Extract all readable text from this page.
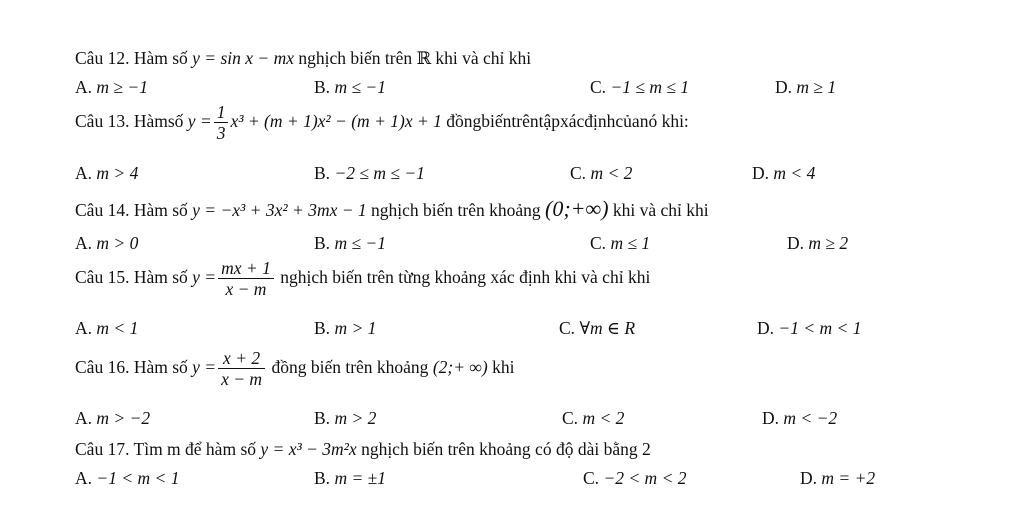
Câu 12. Hàm số y = sin x − mx nghịch biến trên ℝ khi và chỉ khi
A. m ≥ −1	B. m ≤ −1	C. −1 ≤ m ≤ 1	D. m ≥ 1
Câu 13. Hàmsố $y = \frac{1}{3} x^3 + (m + 1)x^2 - (m + 1)x + 1$ đồngbiếntrêntậpxácđịnhcủanó khi:
A. m > 4	B. −2 ≤ m ≤ −1	C. m < 2	D. m < 4
Câu 14. Hàm số y = −x³ + 3x² + 3mx − 1 nghịch biến trên khoảng (0;+∞) khi và chỉ khi
A. m > 0	B. m ≤ −1	C. m ≤ 1	D. m ≥ 2
Câu 15. Hàm số $y = \frac{mx + 1}{x - m}$ nghịch biến trên từng khoảng xác định khi và chỉ khi
A. m < 1	B. m > 1	C. ∀m ∈ R	D. −1 < m < 1
Câu 16. Hàm số $y = \frac{x + 2}{x - m}$ đồng biến trên khoảng (2;+ ∞) khi
A. m > −2	B. m > 2	C. m < 2	D. m < −2
Câu 17. Tìm m để hàm số y = x³ − 3m²x nghịch biến trên khoảng có độ dài bằng 2
A. −1 < m < 1	B. m = ±1	C. −2 < m < 2	D. m = +2
